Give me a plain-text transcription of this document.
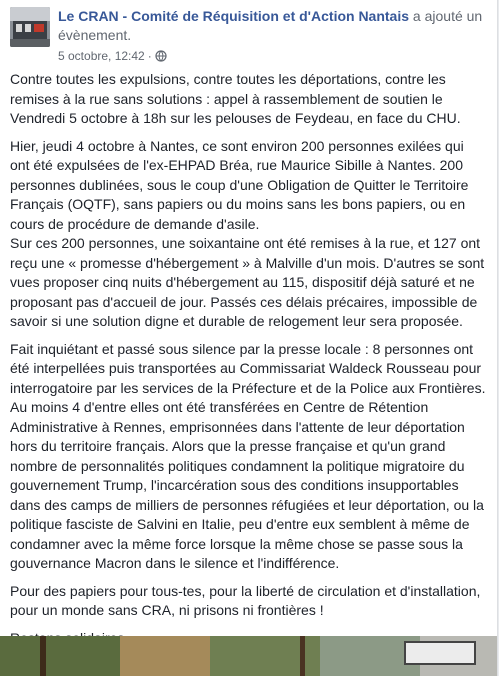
Le CRAN - Comité de Réquisition et d'Action Nantais a ajouté un évènement.
5 octobre, 12:42 ·

Contre toutes les expulsions, contre toutes les déportations, contre les remises à la rue sans solutions : appel à rassemblement de soutien le Vendredi 5 octobre à 18h sur les pelouses de Feydeau, en face du CHU.

Hier, jeudi 4 octobre à Nantes, ce sont environ 200 personnes exilées qui ont été expulsées de l'ex-EHPAD Bréa, rue Maurice Sibille à Nantes. 200 personnes dublinées, sous le coup d'une Obligation de Quitter le Territoire Français (OQTF), sans papiers ou du moins sans les bons papiers, ou en cours de procédure de demande d'asile.
Sur ces 200 personnes, une soixantaine ont été remises à la rue, et 127 ont reçu une « promesse d'hébergement » à Malville d'un mois. D'autres se sont vues proposer cinq nuits d'hébergement au 115, dispositif déjà saturé et ne proposant pas d'accueil de jour. Passés ces délais précaires, impossible de savoir si une solution digne et durable de relogement leur sera proposée.

Fait inquiétant et passé sous silence par la presse locale : 8 personnes ont été interpellées puis transportées au Commissariat Waldeck Rousseau pour interrogatoire par les services de la Préfecture et de la Police aux Frontières. Au moins 4 d'entre elles ont été transférées en Centre de Rétention Administrative à Rennes, emprisonnées dans l'attente de leur déportation hors du territoire français. Alors que la presse française et qu'un grand nombre de personnalités politiques condamnent la politique migratoire du gouvernement Trump, l'incarcération sous des conditions insupportables dans des camps de milliers de personnes réfugiées et leur déportation, ou la politique fasciste de Salvini en Italie, peu d'entre eux semblent à même de condamner avec la même force lorsque la même chose se passe sous la gouvernance Macron dans le silence et l'indifférence.

Pour des papiers pour tous-tes, pour la liberté de circulation et d'installation, pour un monde sans CRA, ni prisons ni frontières !
